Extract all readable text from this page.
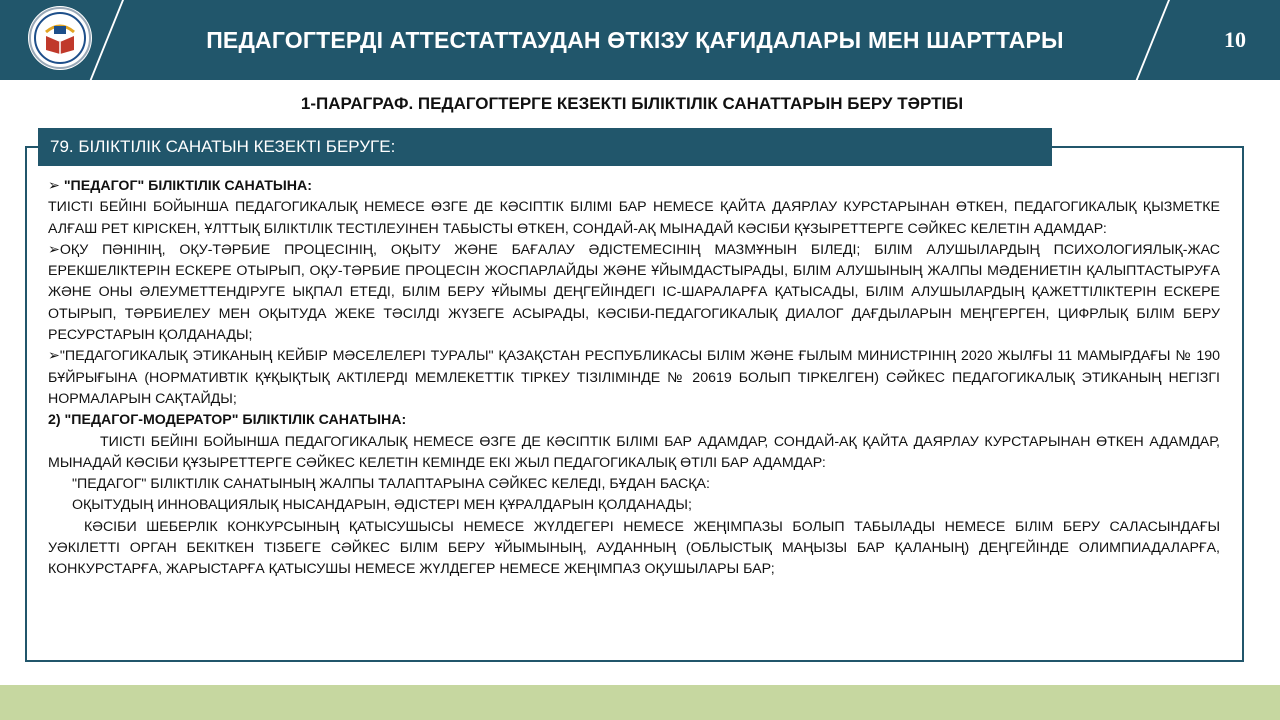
ПЕДАГОГТЕРДІ АТТЕСТАТТАУДАН ӨТКІЗУ ҚАҒИДАЛАРЫ МЕН ШАРТТАРЫ	10
1-ПАРАГРАФ. ПЕДАГОГТЕРГЕ КЕЗЕКТІ БІЛІКТІЛІК САНАТТАРЫН БЕРУ ТӘРТІБІ
79. БІЛІКТІЛІК САНАТЫН КЕЗЕКТІ БЕРУГЕ:

➢ "ПЕДАГОГ" БІЛІКТІЛІК САНАТЫНА:

ТИІСТІ БЕЙІНІ БОЙЫНША ПЕДАГОГИКАЛЫҚ НЕМЕСЕ ӨЗГЕ ДЕ КӘСІПТІК БІЛІМІ БАР НЕМЕСЕ ҚАЙТА ДАЯРЛАУ КУРСТАРЫНАН ӨТКЕН, ПЕДАГОГИКАЛЫҚ ҚЫЗМЕТКЕ АЛҒАШ РЕТ КІРІСКЕН, ҰЛТТЫҚ БІЛІКТІЛІК ТЕСТІЛЕУІНЕН ТАБЫСТЫ ӨТКЕН, СОНДАЙ-АҚ МЫНАДАЙ КӘСІБИ ҚҰЗЫРЕТТЕРГЕ СӘЙКЕС КЕЛЕТІН АДАМДАР:

➢ОҚУ ПӘНІНІҢ, ОҚУ-ТӘРБИЕ ПРОЦЕСІНІҢ, ОҚЫТУ ЖӘНЕ БАҒАЛАУ ӘДІСТЕМЕСІНІҢ МАЗМҰНЫН БІЛЕДІ; БІЛІМ АЛУШЫЛАРДЫҢ ПСИХОЛОГИЯЛЫҚ-ЖАС ЕРЕКШЕЛІКТЕРІН ЕСКЕРЕ ОТЫРЫП, ОҚУ-ТӘРБИЕ ПРОЦЕСІН ЖОСПАРЛАЙДЫ ЖӘНЕ ҰЙЫМДАСТЫРАДЫ, БІЛІМ АЛУШЫНЫҢ ЖАЛПЫ МӘДЕНИЕТІН ҚАЛЫПТАСТЫРУҒА ЖӘНЕ ОНЫ ӘЛЕУМЕТТЕНДІРУГЕ ЫҚПАЛ ЕТЕДІ, БІЛІМ БЕРУ ҰЙЫМЫ ДЕҢГЕЙІНДЕГІ ІС-ШАРАЛАРҒА ҚАТЫСАДЫ, БІЛІМ АЛУШЫЛАРДЫҢ ҚАЖЕТТІЛІКТЕРІН ЕСКЕРЕ ОТЫРЫП, ТӘРБИЕЛЕУ МЕН ОҚЫТУДА ЖЕКЕ ТӘСІЛДІ ЖҮЗЕГЕ АСЫРАДЫ, КӘСІБИ-ПЕДАГОГИКАЛЫҚ ДИАЛОГ ДАҒДЫЛАРЫН МЕҢГЕРГЕН, ЦИФРЛЫҚ БІЛІМ БЕРУ РЕСУРСТАРЫН ҚОЛДАНАДЫ;

➢"ПЕДАГОГИКАЛЫҚ ЭТИКАНЫҢ КЕЙБІР МӘСЕЛЕЛЕРІ ТУРАЛЫ" ҚАЗАҚСТАН РЕСПУБЛИКАСЫ БІЛІМ ЖӘНЕ ҒЫЛЫМ МИНИСТРІНІҢ 2020 ЖЫЛҒЫ 11 МАМЫРДАҒЫ № 190 БҰЙРЫҒЫНА (НОРМАТИВТІК ҚҰҚЫҚТЫҚ АКТІЛЕРДІ МЕМЛЕКЕТТІК ТІРКЕУ ТІЗІЛІМІНДЕ № 20619 БОЛЫП ТІРКЕЛГЕН) СӘЙКЕС ПЕДАГОГИКАЛЫҚ ЭТИКАНЫҢ НЕГІЗГІ НОРМАЛАРЫН САҚТАЙДЫ;

2) "ПЕДАГОГ-МОДЕРАТОР" БІЛІКТІЛІК САНАТЫНА:

ТИІСТІ БЕЙІНІ БОЙЫНША ПЕДАГОГИКАЛЫҚ НЕМЕСЕ ӨЗГЕ ДЕ КӘСІПТІК БІЛІМІ БАР АДАМДАР, СОНДАЙ-АҚ ҚАЙТА ДАЯРЛАУ КУРСТАРЫНАН ӨТКЕН АДАМДАР, МЫНАДАЙ КӘСІБИ ҚҰЗЫРЕТТЕРГЕ СӘЙКЕС КЕЛЕТІН КЕМІНДЕ ЕКІ ЖЫЛ ПЕДАГОГИКАЛЫҚ ӨТІЛІ БАР АДАМДАР:

"ПЕДАГОГ" БІЛІКТІЛІК САНАТЫНЫҢ ЖАЛПЫ ТАЛАПТАРЫНА СӘЙКЕС КЕЛЕДІ, БҰДАН БАСҚА:

ОҚЫТУДЫҢ ИННОВАЦИЯЛЫҚ НЫСАНДАРЫН, ӘДІСТЕРІ МЕН ҚҰРАЛДАРЫН ҚОЛДАНАДЫ;

КӘСІБИ ШЕБЕРЛІК КОНКУРСЫНЫҢ ҚАТЫСУШЫСЫ НЕМЕСЕ ЖҮЛДЕГЕРІ НЕМЕСЕ ЖЕҢІМПАЗЫ БОЛЫП ТАБЫЛАДЫ НЕМЕСЕ БІЛІМ БЕРУ САЛАСЫНДАҒЫ УӘКІЛЕТТІ ОРГАН БЕКІТКЕН ТІЗБЕГЕ СӘЙКЕС БІЛІМ БЕРУ ҰЙЫМЫНЫҢ, АУДАННЫҢ (ОБЛЫСТЫҚ МАҢЫЗЫ БАР ҚАЛАНЫҢ) ДЕҢГЕЙІНДЕ ОЛИМПИАДАЛАРҒА, КОНКУРСТАРҒА, ЖАРЫСТАРҒА ҚАТЫСУШЫ НЕМЕСЕ ЖҮЛДЕГЕР НЕМЕСЕ ЖЕҢІМПАЗ ОҚУШЫЛАРЫ БАР;
